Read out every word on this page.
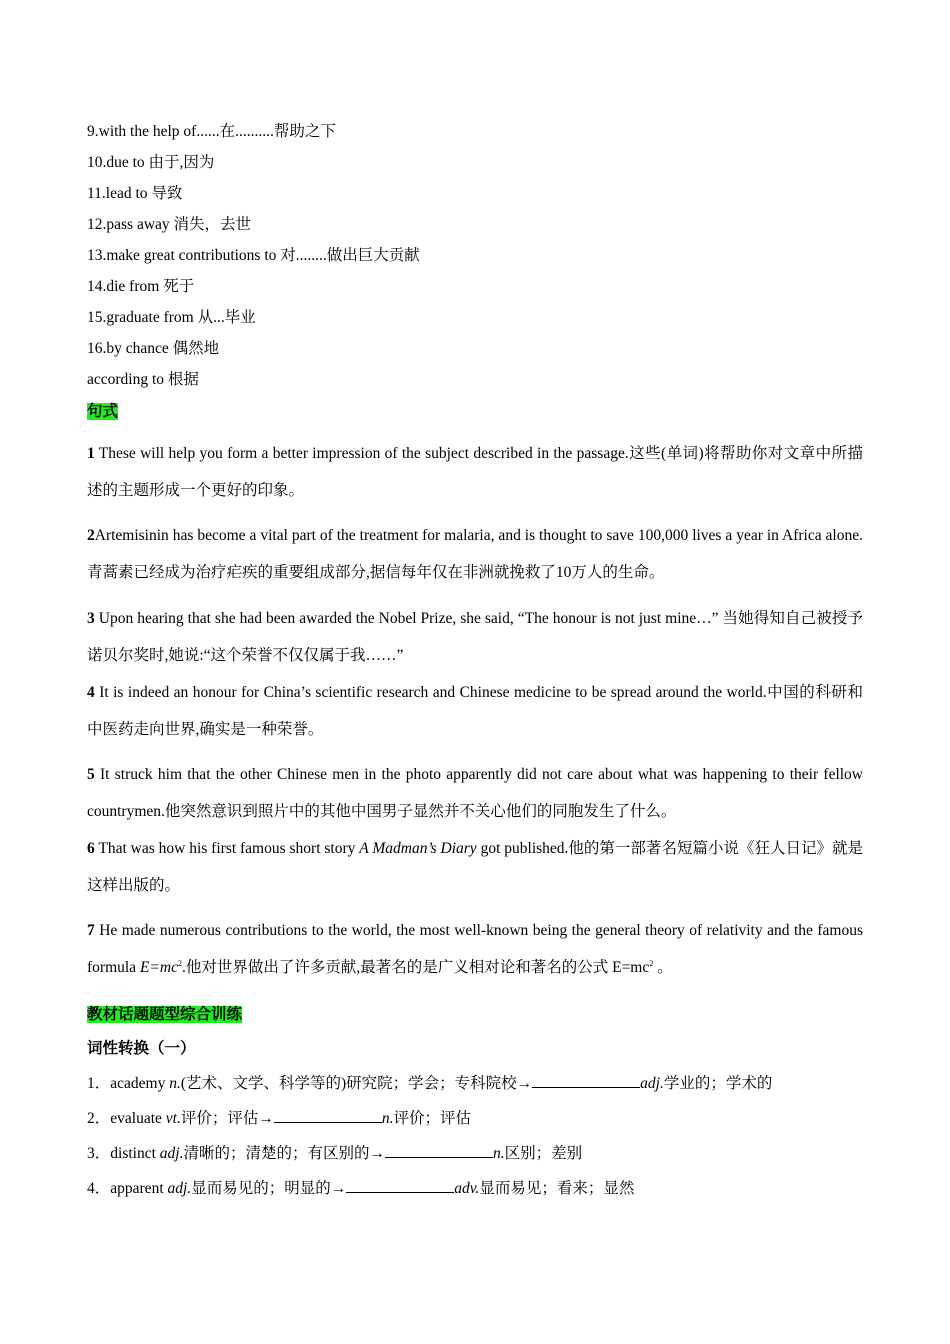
9.with the help of......在..........帮助之下
10.due to 由于,因为
11.lead to 导致
12.pass away 消失，去世
13.make great contributions to 对........做出巨大贡献
14.die from 死于
15.graduate from 从...毕业
16.by chance 偶然地
according to 根据
句式
1 These will help you form a better impression of the subject described in the passage.这些(单词)将帮助你对文章中所描述的主题形成一个更好的印象。
2Artemisinin has become a vital part of the treatment for malaria, and is thought to save 100,000 lives a year in Africa alone.青蒿素已经成为治疗疟疾的重要组成部分,据信每年仅在非洲就挽救了10万人的生命。
3 Upon hearing that she had been awarded the Nobel Prize, she said, “The honour is not just mine…” 当她得知自己被授予诺贝尔奖时,她说:“这个荣誉不仅仅属于我……”
4 It is indeed an honour for China’s scientific research and Chinese medicine to be spread around the world.中国的科研和中医药走向世界,确实是一种荣誉。
5 It struck him that the other Chinese men in the photo apparently did not care about what was happening to their fellow countrymen.他突然意识到照片中的其他中国男子显然并不关心他们的同胞发生了什么。
6 That was how his first famous short story A Madman’s Diary got published.他的第一部著名短篇小说《狂人日记》就是这样出版的。
7 He made numerous contributions to the world, the most well-known being the general theory of relativity and the famous formula $E=mc^2$.他对世界做出了许多贡献,最著名的是广义相对论和著名的公式 $E=mc^2$ 。
教材话题题型综合训练
词性转换（一）
1．academy n.(艺术、文学、科学等的)研究院；学会；专科院校→	adj.学业的；学术的
2．evaluate vt.评价；评估→	n.评价；评估
3．distinct adj.清晰的；清楚的；有区别的→	n.区别；差别
4．apparent adj.显而易见的；明显的→	adv.显而易见；看来；显然
